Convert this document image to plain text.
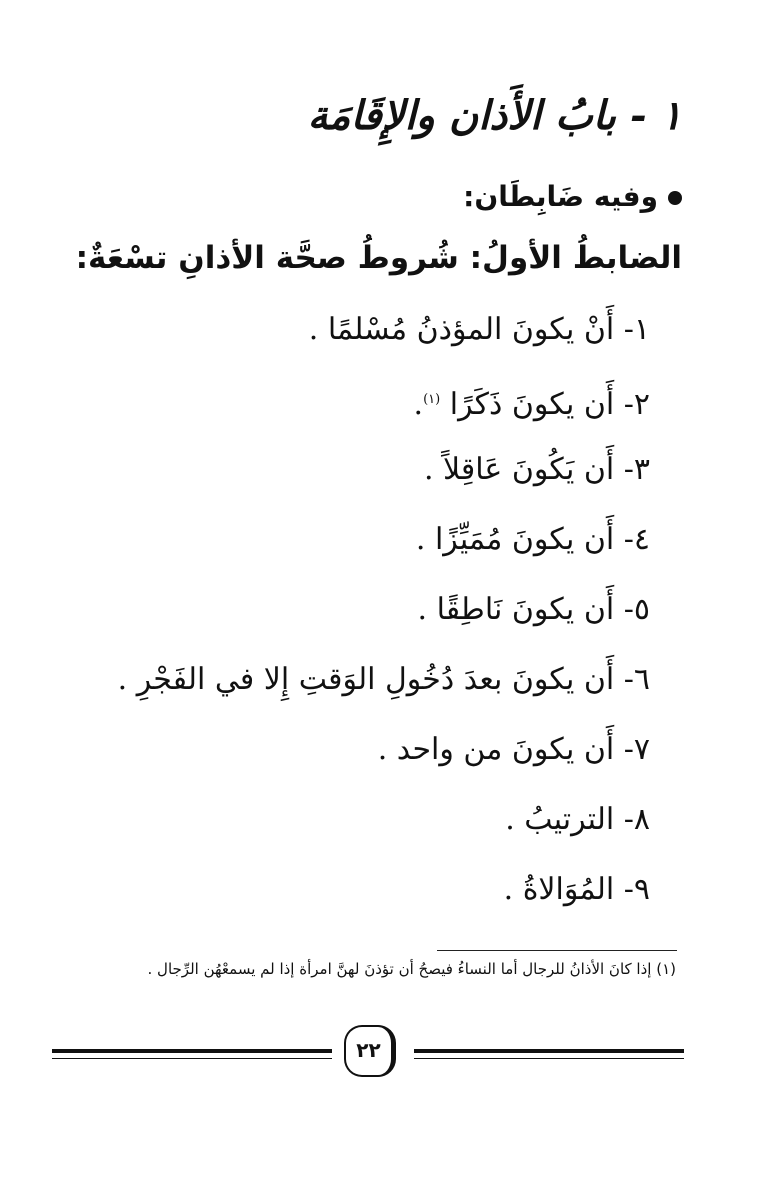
١ - بابُ الأَذان والإِقَامَة
وفيه ضَابِطَان:
الضابطُ الأولُ: شُروطُ صحَّة الأذانِ تسْعَةٌ:
١- أَنْ يكونَ المؤذنُ مُسْلمًا .
٢- أَن يكونَ ذَكَرًا $^{(١)}$.
٣- أَن يَكُونَ عَاقِلاً .
٤- أَن يكونَ مُمَيِّزًا .
٥- أَن يكونَ نَاطِقًا .
٦- أَن يكونَ بعدَ دُخُولِ الوَقتِ إِلا في الفَجْرِ .
٧- أَن يكونَ من واحد .
٨- الترتيبُ .
٩- المُوَالاةُ .
(١) إذا كانَ الأذانُ للرجال أما النساءُ فيصحُ أن تؤذنَ لهنَّ امرأة إذا لم يسمعْهُن الرِّجال .
٢٢
